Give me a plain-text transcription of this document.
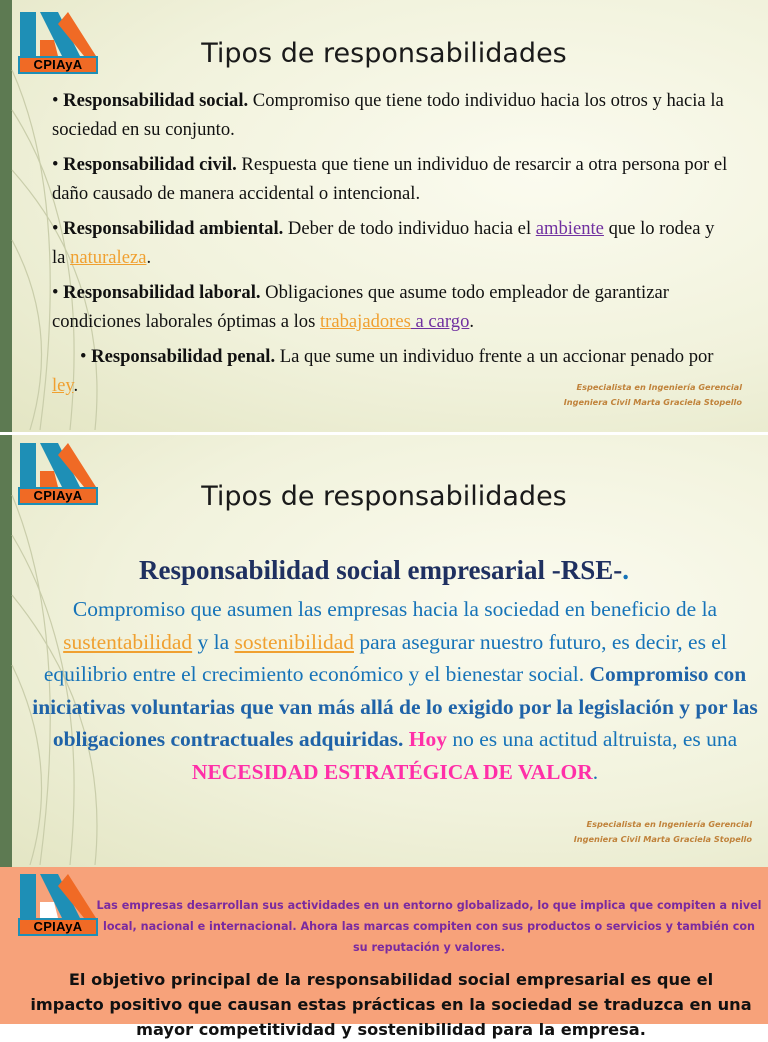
CPIAyA	Tipos de responsabilidades

• Responsabilidad social. Compromiso que tiene todo individuo hacia los otros y hacia la sociedad en su conjunto.

• Responsabilidad civil. Respuesta que tiene un individuo de resarcir a otra persona por el daño causado de manera accidental o intencional.

• Responsabilidad ambiental. Deber de todo individuo hacia el ambiente que lo rodea y la naturaleza.

• Responsabilidad laboral. Obligaciones que asume todo empleador de garantizar condiciones laborales óptimas a los trabajadores a cargo.

• Responsabilidad penal. La que sume un individuo frente a un accionar penado por ley.	Especialista en Ingeniería Gerencial
Ingeniera Civil Marta Graciela Stopello
CPIAyA	Tipos de responsabilidades
Responsabilidad social empresarial -RSE-.
Compromiso que asumen las empresas hacia la sociedad en beneficio de la sustentabilidad y la sostenibilidad para asegurar nuestro futuro, es decir, es el equilibrio entre el crecimiento económico y el bienestar social. Compromiso con iniciativas voluntarias que van más allá de lo exigido por la legislación y por las obligaciones contractuales adquiridas. Hoy no es una actitud altruista, es una NECESIDAD ESTRATÉGICA DE VALOR.
Especialista en Ingeniería Gerencial
Ingeniera Civil Marta Graciela Stopello
CPIAyA
Las empresas desarrollan sus actividades en un entorno globalizado, lo que implica que compiten a nivel local, nacional e internacional. Ahora las marcas compiten con sus productos o servicios y también con su reputación y valores.
El objetivo principal de la responsabilidad social empresarial es que el impacto positivo que causan estas prácticas en la sociedad se traduzca en una mayor competitividad y sostenibilidad para la empresa.
